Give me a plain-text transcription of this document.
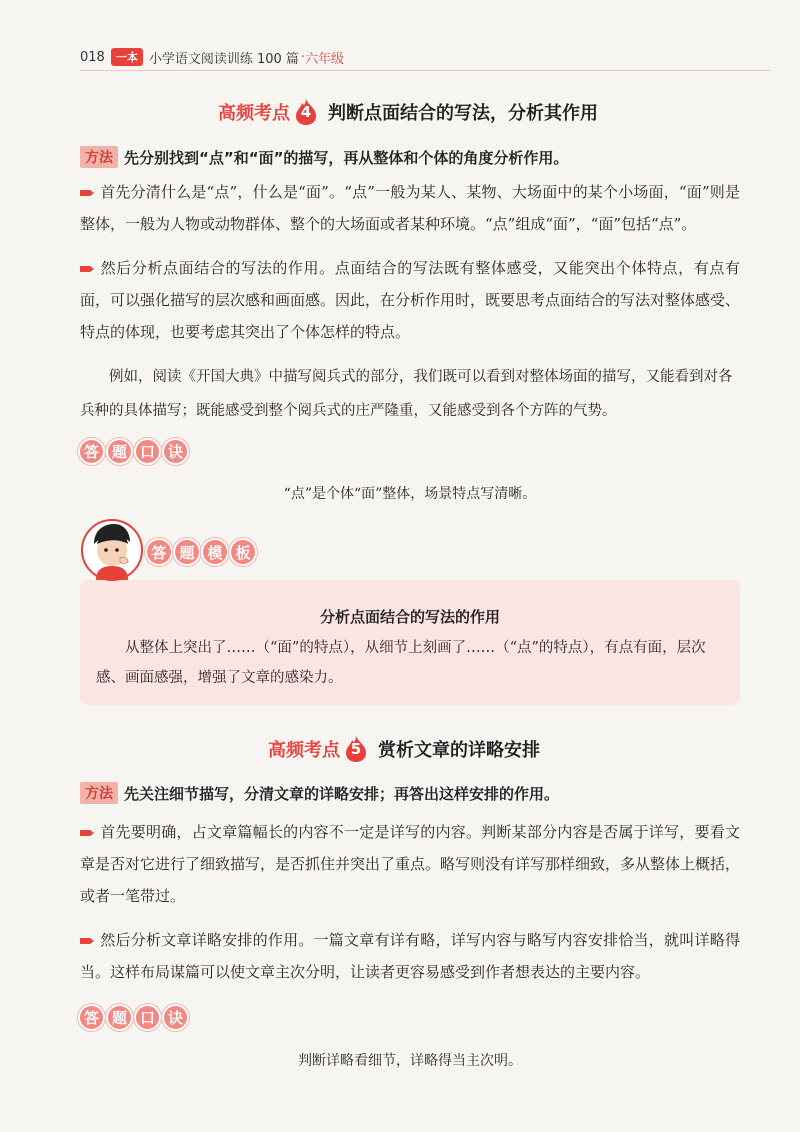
018	一本 小学语文阅读训练 100 篇 · 六年级
高频考点 4 判断点面结合的写法，分析其作用
方法 先分别找到“点”和“面”的描写，再从整体和个体的角度分析作用。
首先分清什么是“点”，什么是“面”。“点”一般为某人、某物、大场面中的某个小场面，“面”则是整体，一般为人物或动物群体、整个的大场面或者某种环境。“点”组成“面”，“面”包括“点”。
然后分析点面结合的写法的作用。点面结合的写法既有整体感受，又能突出个体特点，有点有面，可以强化描写的层次感和画面感。因此，在分析作用时，既要思考点面结合的写法对整体感受、特点的体现，也要考虑其突出了个体怎样的特点。
例如，阅读《开国大典》中描写阅兵式的部分，我们既可以看到对整体场面的描写，又能看到对各兵种的具体描写；既能感受到整个阅兵式的庄严隆重，又能感受到各个方阵的气势。
答 题 口 诀
“点”是个体“面”整体，场景特点写清晰。
答 题 模 板
分析点面结合的写法的作用
从整体上突出了……（“面”的特点），从细节上刻画了……（“点”的特点），有点有面，层次感、画面感强，增强了文章的感染力。
高频考点 5 赏析文章的详略安排
方法 先关注细节描写，分清文章的详略安排；再答出这样安排的作用。
首先要明确，占文章篇幅长的内容不一定是详写的内容。判断某部分内容是否属于详写，要看文章是否对它进行了细致描写，是否抓住并突出了重点。略写则没有详写那样细致，多从整体上概括，或者一笔带过。
然后分析文章详略安排的作用。一篇文章有详有略，详写内容与略写内容安排恰当，就叫详略得当。这样布局谋篇可以使文章主次分明，让读者更容易感受到作者想表达的主要内容。
答 题 口 诀
判断详略看细节，详略得当主次明。
